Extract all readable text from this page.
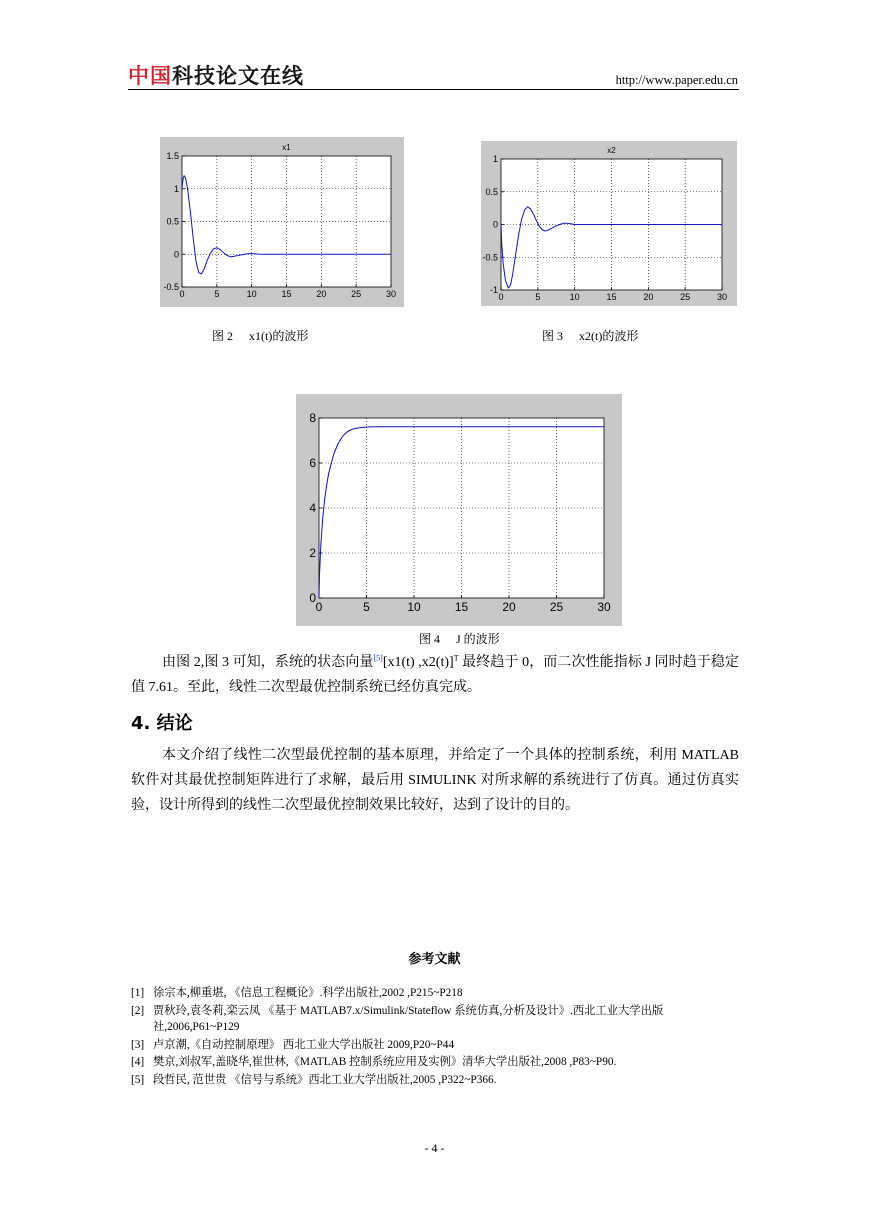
中国科技论文在线	http://www.paper.edu.cn
0	5	10	15	20	25	30
-0.5
0
0.5
1
1.5
x1
图 2 x1(t)的波形
0	5	10	15	20	25	30
-1
-0.5
0
0.5
1
x2
图 3 x2(t)的波形
0	5	10	15	20	25	30
0
2
4
6
8
图 4 J 的波形
由图 2,图 3 可知，系统的状态向量[5][x1(t) ,x2(t)]$^T$ 最终趋于 0，而二次性能指标 J 同时趋于稳定值 7.61。至此，线性二次型最优控制系统已经仿真完成。
4. 结论
本文介绍了线性二次型最优控制的基本原理，并给定了一个具体的控制系统，利用 MATLAB 软件对其最优控制矩阵进行了求解，最后用 SIMULINK 对所求解的系统进行了仿真。通过仿真实验，设计所得到的线性二次型最优控制效果比较好，达到了设计的目的。
参考文献
[1] 徐宗本,柳重堪, 《信息工程概论》.科学出版社,2002 ,P215~P218
[2] 贾秋玲,袁冬莉,栾云凤 《基于 MATLAB7.x/Simulink/Stateflow 系统仿真,分析及设计》.西北工业大学出版社,2006,P61~P129
[3] 卢京潮,《自动控制原理》 西北工业大学出版社 2009,P20~P44
[4] 樊京,刘叔军,盖晓华,崔世林,《MATLAB 控制系统应用及实例》清华大学出版社,2008 ,P83~P90.
[5] 段哲民, 范世贵 《信号与系统》西北工业大学出版社,2005 ,P322~P366.
- 4 -
